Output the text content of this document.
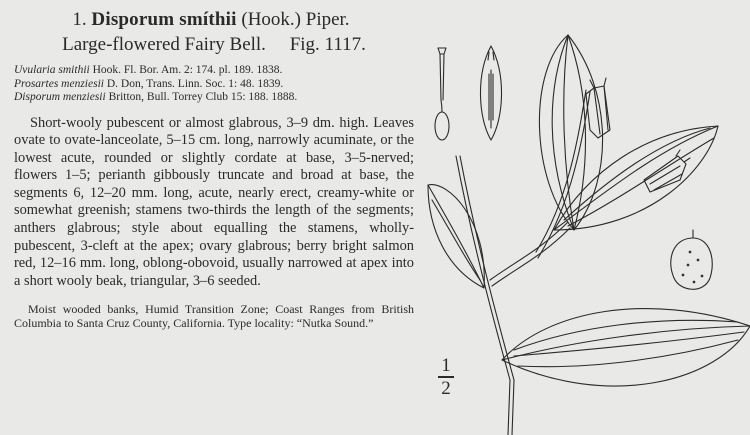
1. Disporum smíthii (Hook.) Piper.
Large-flowered Fairy Bell. Fig. 1117.

Uvularia smithii Hook. Fl. Bor. Am. 2: 174. pl. 189. 1838.

Prosartes menziesii D. Don, Trans. Linn. Soc. 1: 48. 1839.

Disporum menziesii Britton, Bull. Torrey Club 15: 188. 1888.

Short-wooly pubescent or almost glabrous, 3–9 dm. high. Leaves ovate to ovate-lanceolate, 5–15 cm. long, narrowly acuminate, or the lowest acute, rounded or slightly cordate at base, 3–5-nerved; flowers 1–5; perianth gibbously truncate and broad at base, the segments 6, 12–20 mm. long, acute, nearly erect, creamy-white or somewhat greenish; stamens two-thirds the length of the segments; anthers glabrous; style about equalling the stamens, wholly-pubescent, 3-cleft at the apex; ovary glabrous; berry bright salmon red, 12–16 mm. long, oblong-obovoid, usually narrowed at apex into a short wooly beak, triangular, 3–6 seeded.
Moist wooded banks, Humid Transition Zone; Coast Ranges from British Columbia to Santa Cruz County, California. Type locality: “Nutka Sound.”
1
2
